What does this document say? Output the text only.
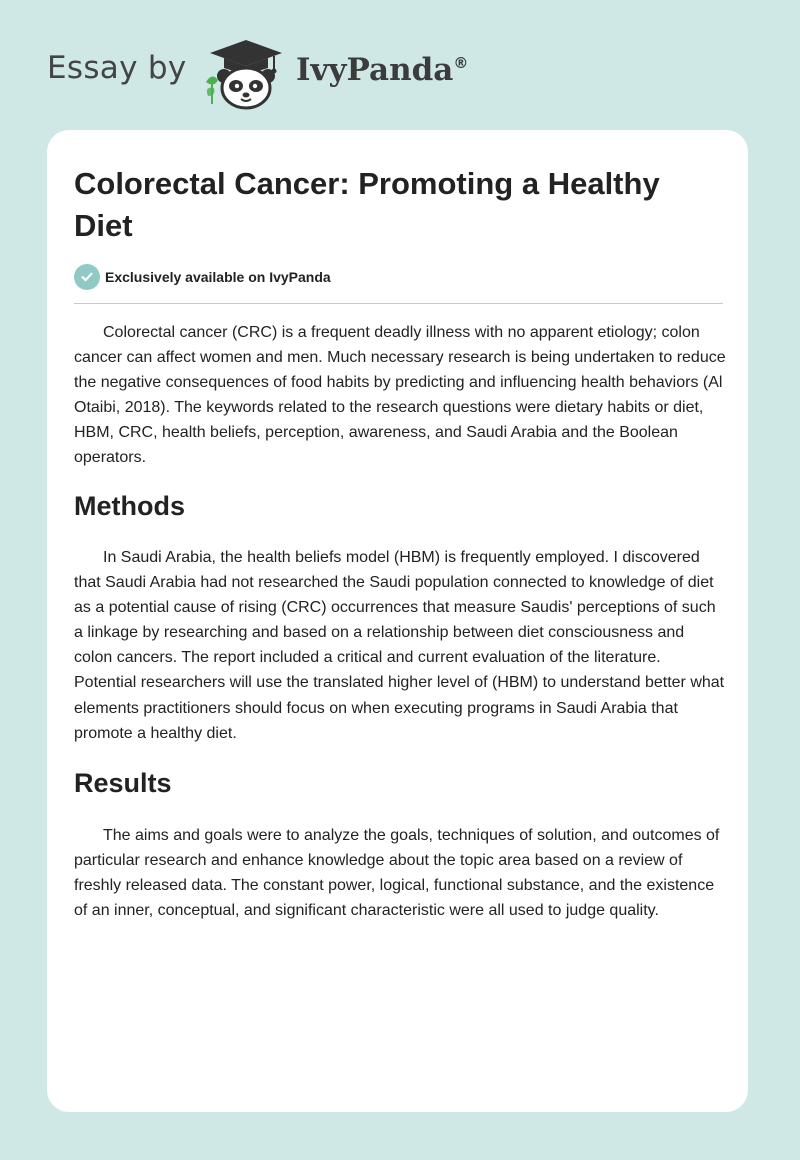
Essay by	IvyPanda®
Colorectal Cancer: Promoting a Healthy Diet
Exclusively available on IvyPanda

Colorectal cancer (CRC) is a frequent deadly illness with no apparent etiology; colon cancer can affect women and men. Much necessary research is being undertaken to reduce the negative consequences of food habits by predicting and influencing health behaviors (Al Otaibi, 2018). The keywords related to the research questions were dietary habits or diet, HBM, CRC, health beliefs, perception, awareness, and Saudi Arabia and the Boolean operators.

Methods

In Saudi Arabia, the health beliefs model (HBM) is frequently employed. I discovered that Saudi Arabia had not researched the Saudi population connected to knowledge of diet as a potential cause of rising (CRC) occurrences that measure Saudis' perceptions of such a linkage by researching and based on a relationship between diet consciousness and colon cancers. The report included a critical and current evaluation of the literature. Potential researchers will use the translated higher level of (HBM) to understand better what elements practitioners should focus on when executing programs in Saudi Arabia that promote a healthy diet.

Results

The aims and goals were to analyze the goals, techniques of solution, and outcomes of particular research and enhance knowledge about the topic area based on a review of freshly released data. The constant power, logical, functional substance, and the existence of an inner, conceptual, and significant characteristic were all used to judge quality.
